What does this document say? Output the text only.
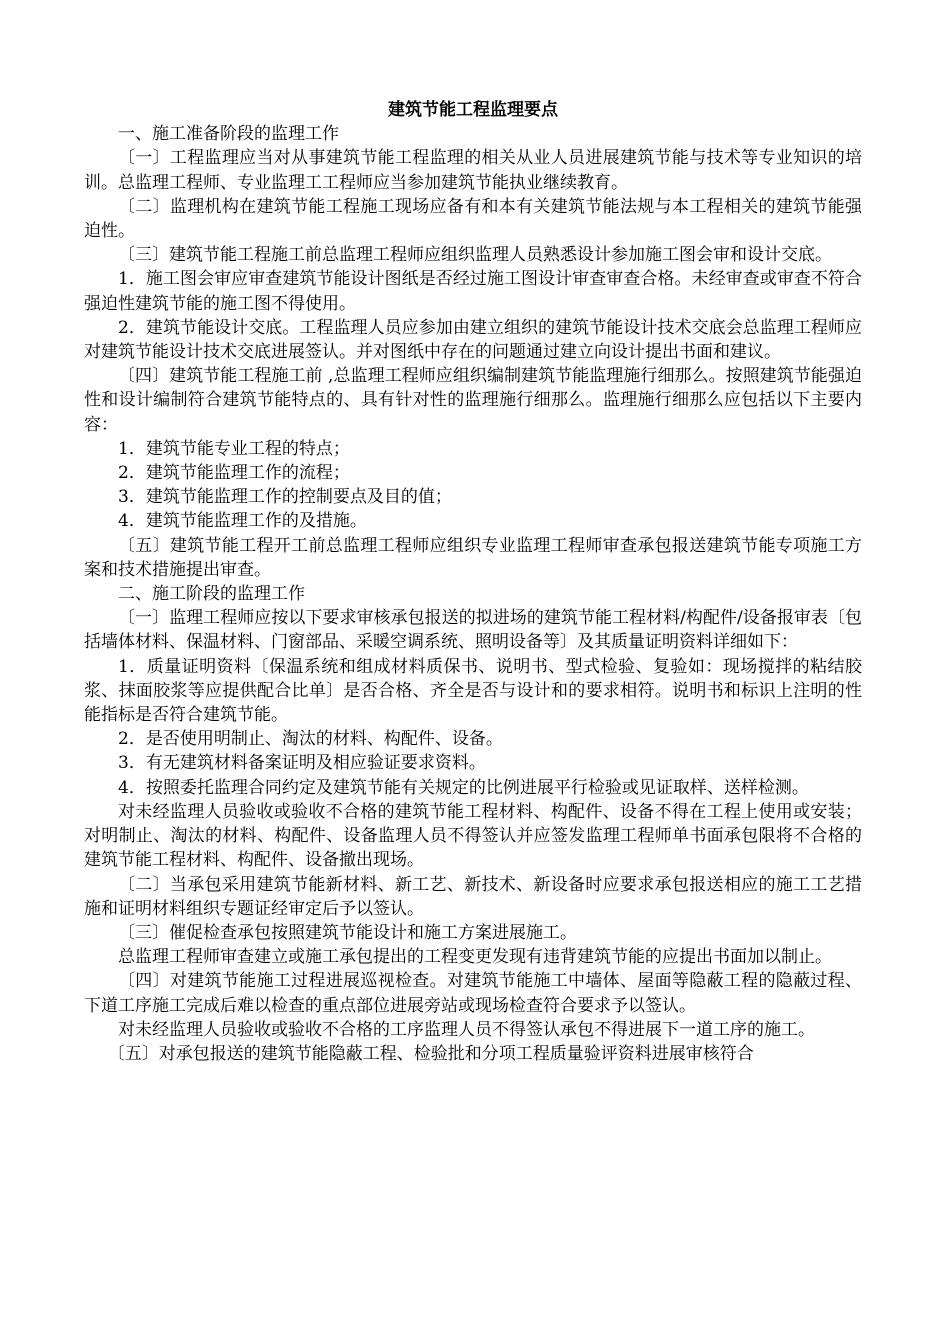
建筑节能工程监理要点

一、施工准备阶段的监理工作

〔一〕工程监理应当对从事建筑节能工程监理的相关从业人员进展建筑节能与技术等专业知识的培训。总监理工程师、专业监理工工程师应当参加建筑节能执业继续教育。

〔二〕监理机构在建筑节能工程施工现场应备有和本有关建筑节能法规与本工程相关的建筑节能强迫性。

〔三〕建筑节能工程施工前总监理工程师应组织监理人员熟悉设计参加施工图会审和设计交底。

1．施工图会审应审查建筑节能设计图纸是否经过施工图设计审查审查合格。未经审查或审查不符合强迫性建筑节能的施工图不得使用。

2．建筑节能设计交底。工程监理人员应参加由建立组织的建筑节能设计技术交底会总监理工程师应对建筑节能设计技术交底进展签认。并对图纸中存在的问题通过建立向设计提出书面和建议。

〔四〕建筑节能工程施工前 ,总监理工程师应组织编制建筑节能监理施行细那么。按照建筑节能强迫性和设计编制符合建筑节能特点的、具有针对性的监理施行细那么。监理施行细那么应包括以下主要内容：

1．建筑节能专业工程的特点；

2．建筑节能监理工作的流程；

3．建筑节能监理工作的控制要点及目的值；

4．建筑节能监理工作的及措施。

〔五〕建筑节能工程开工前总监理工程师应组织专业监理工程师审查承包报送建筑节能专项施工方案和技术措施提出审查。

二、施工阶段的监理工作

〔一〕监理工程师应按以下要求审核承包报送的拟进场的建筑节能工程材料/构配件/设备报审表〔包括墙体材料、保温材料、门窗部品、采暖空调系统、照明设备等〕及其质量证明资料详细如下：

1．质量证明资料〔保温系统和组成材料质保书、说明书、型式检验、复验如：现场搅拌的粘结胶浆、抹面胶浆等应提供配合比单〕是否合格、齐全是否与设计和的要求相符。说明书和标识上注明的性能指标是否符合建筑节能。

2．是否使用明制止、淘汰的材料、构配件、设备。

3．有无建筑材料备案证明及相应验证要求资料。

4．按照委托监理合同约定及建筑节能有关规定的比例进展平行检验或见证取样、送样检测。

对未经监理人员验收或验收不合格的建筑节能工程材料、构配件、设备不得在工程上使用或安装；对明制止、淘汰的材料、构配件、设备监理人员不得签认并应签发监理工程师单书面承包限将不合格的建筑节能工程材料、构配件、设备撤出现场。

〔二〕当承包采用建筑节能新材料、新工艺、新技术、新设备时应要求承包报送相应的施工工艺措施和证明材料组织专题证经审定后予以签认。

〔三〕催促检查承包按照建筑节能设计和施工方案进展施工。

总监理工程师审查建立或施工承包提出的工程变更发现有违背建筑节能的应提出书面加以制止。

〔四〕对建筑节能施工过程进展巡视检查。对建筑节能施工中墙体、屋面等隐蔽工程的隐蔽过程、下道工序施工完成后难以检查的重点部位进展旁站或现场检查符合要求予以签认。

对未经监理人员验收或验收不合格的工序监理人员不得签认承包不得进展下一道工序的施工。

〔五〕对承包报送的建筑节能隐蔽工程、检验批和分项工程质量验评资料进展审核符合
